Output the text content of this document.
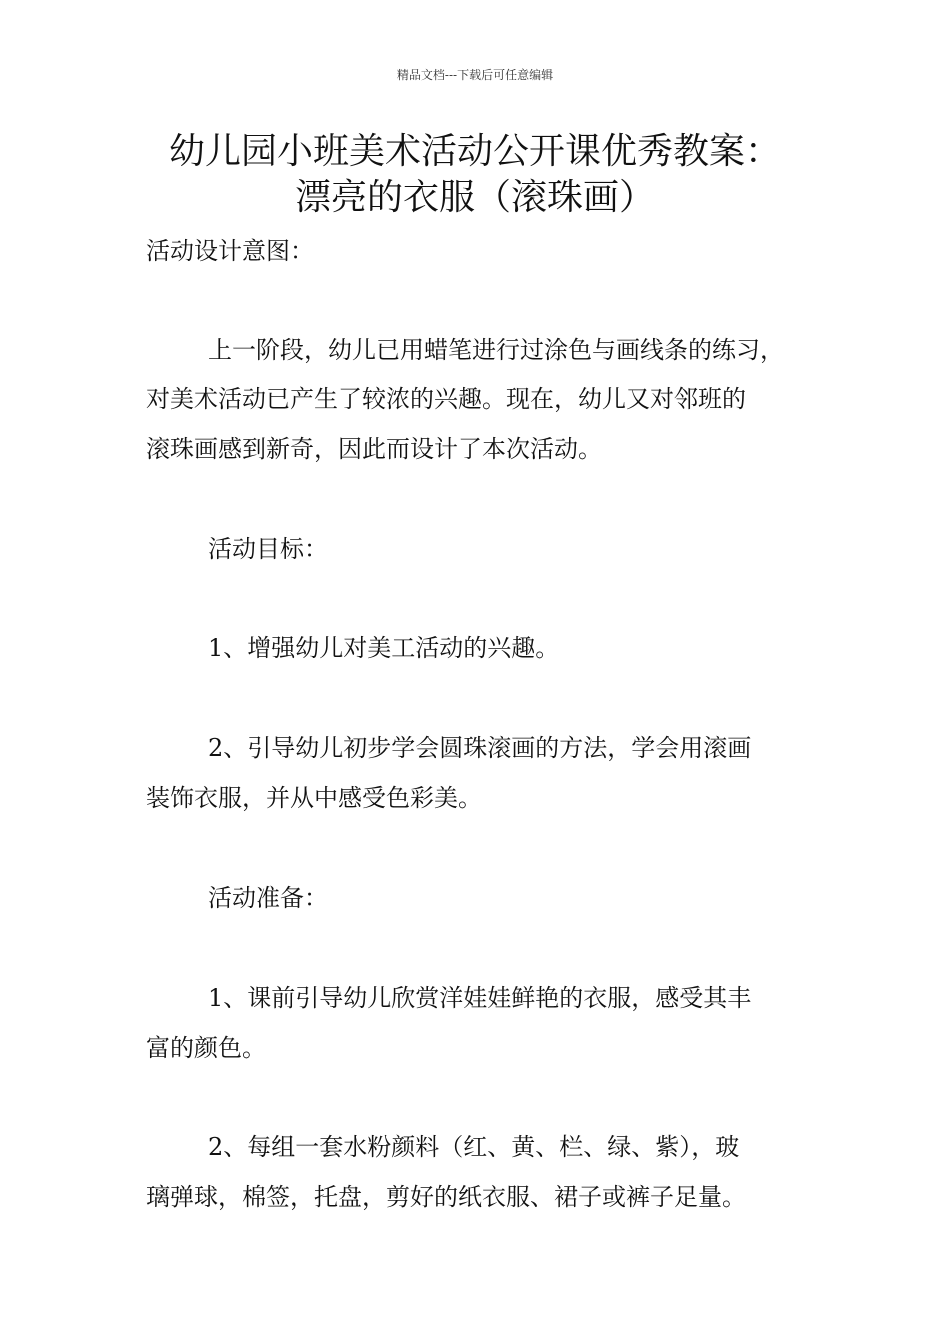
精品文档---下载后可任意编辑
幼儿园小班美术活动公开课优秀教案：
漂亮的衣服（滚珠画）
活动设计意图：
上一阶段，幼儿已用蜡笔进行过涂色与画线条的练习，
对美术活动已产生了较浓的兴趣。现在，幼儿又对邻班的
滚珠画感到新奇，因此而设计了本次活动。
活动目标：
1、增强幼儿对美工活动的兴趣。
2、引导幼儿初步学会圆珠滚画的方法，学会用滚画
装饰衣服，并从中感受色彩美。
活动准备：
1、课前引导幼儿欣赏洋娃娃鲜艳的衣服，感受其丰
富的颜色。
2、每组一套水粉颜料（红、黄、栏、绿、紫），玻
璃弹球，棉签，托盘，剪好的纸衣服、裙子或裤子足量。
